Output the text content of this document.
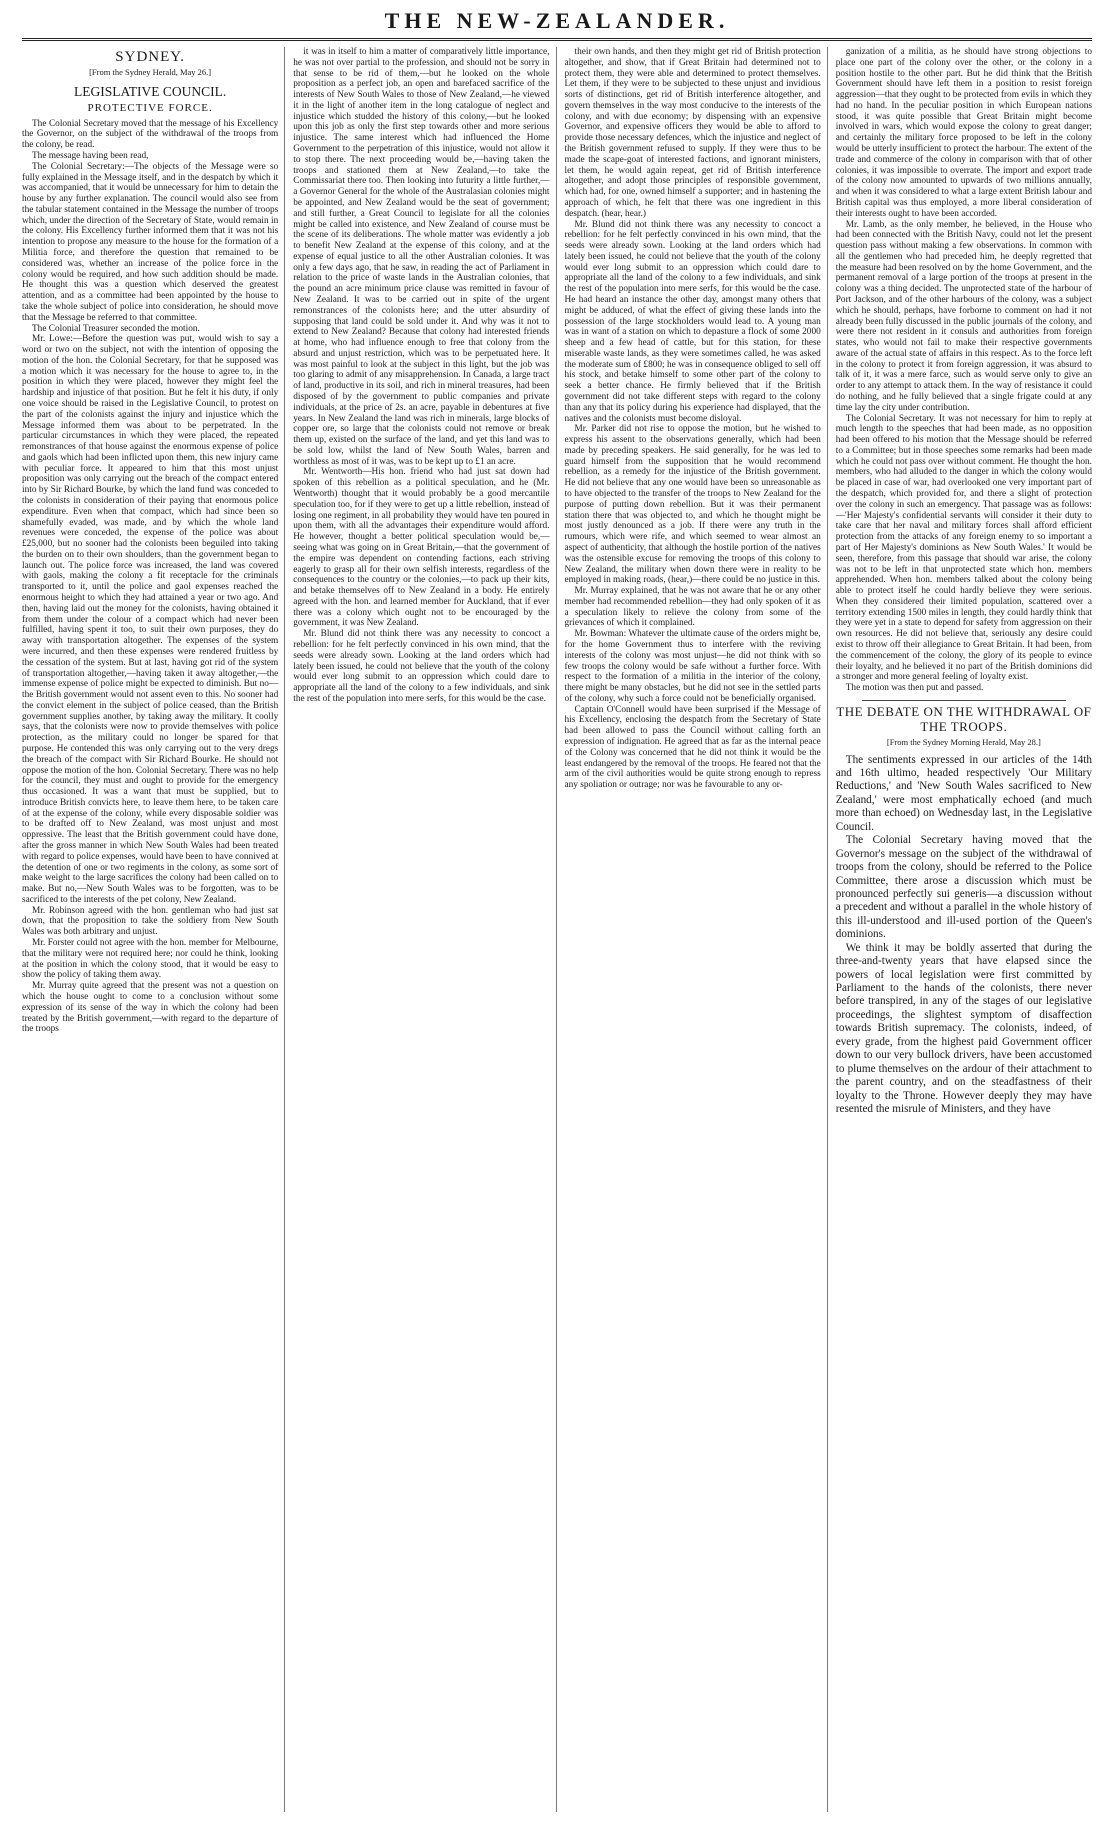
THE NEW-ZEALANDER.
SYDNEY.
[From the Sydney Herald, May 26.]
LEGISLATIVE COUNCIL.
PROTECTIVE FORCE.

The Colonial Secretary moved that the message of his Excellency the Governor, on the subject of the withdrawal of the troops from the colony, be read.

The message having been read,

The Colonial Secretary:—The objects of the Message were so fully explained in the Message itself, and in the despatch by which it was accompanied, that it would be unnecessary for him to detain the house by any further explanation. The council would also see from the tabular statement contained in the Message the number of troops which, under the direction of the Secretary of State, would remain in the colony. His Excellency further informed them that it was not his intention to propose any measure to the house for the formation of a Militia force, and therefore the question that remained to be considered was, whether an increase of the police force in the colony would be required, and how such addition should be made. He thought this was a question which deserved the greatest attention, and as a committee had been appointed by the house to take the whole subject of police into consideration, he should move that the Message be referred to that committee.

The Colonial Treasurer seconded the motion.

Mr. Lowe:—Before the question was put, would wish to say a word or two on the subject, not with the intention of opposing the motion of the hon. the Colonial Secretary, for that he supposed was a motion which it was necessary for the house to agree to, in the position in which they were placed, however they might feel the hardship and injustice of that position. But he felt it his duty, if only one voice should be raised in the Legislative Council, to protest on the part of the colonists against the injury and injustice which the Message informed them was about to be perpetrated. In the particular circumstances in which they were placed, the repeated remonstrances of that house against the enormous expense of police and gaols which had been inflicted upon them, this new injury came with peculiar force. It appeared to him that this most unjust proposition was only carrying out the breach of the compact entered into by Sir Richard Bourke, by which the land fund was conceded to the colonists in consideration of their paying that enormous police expenditure. Even when that compact, which had since been so shamefully evaded, was made, and by which the whole land revenues were conceded, the expense of the police was about £25,000, but no sooner had the colonists been beguiled into taking the burden on to their own shoulders, than the government began to launch out. The police force was increased, the land was covered with gaols, making the colony a fit receptacle for the criminals transported to it, until the police and gaol expenses reached the enormous height to which they had attained a year or two ago. And then, having laid out the money for the colonists, having obtained it from them under the colour of a compact which had never been fulfilled, having spent it too, to suit their own purposes, they do away with transportation altogether. The expenses of the system were incurred, and then these expenses were rendered fruitless by the cessation of the system. But at last, having got rid of the system of transportation altogether,—having taken it away altogether,—the immense expense of police might be expected to diminish. But no—the British government would not assent even to this. No sooner had the convict element in the subject of police ceased, than the British government supplies another, by taking away the military. It coolly says, that the colonists were now to provide themselves with police protection, as the military could no longer be spared for that purpose. He contended this was only carrying out to the very dregs the breach of the compact with Sir Richard Bourke. He should not oppose the motion of the hon. Colonial Secretary. There was no help for the council, they must and ought to provide for the emergency thus occasioned. It was a want that must be supplied, but to introduce British convicts here, to leave them here, to be taken care of at the expense of the colony, while every disposable soldier was to be drafted off to New Zealand, was most unjust and most oppressive. The least that the British government could have done, after the gross manner in which New South Wales had been treated with regard to police expenses, would have been to have connived at the detention of one or two regiments in the colony, as some sort of make weight to the large sacrifices the colony had been called on to make. But no,—New South Wales was to be forgotten, was to be sacrificed to the interests of the pet colony, New Zealand.

Mr. Robinson agreed with the hon. gentleman who had just sat down, that the proposition to take the soldiery from New South Wales was both arbitrary and unjust.

Mr. Forster could not agree with the hon. member for Melbourne, that the military were not required here; nor could he think, looking at the position in which the colony stood, that it would be easy to show the policy of taking them away.

Mr. Murray quite agreed that the present was not a question on which the house ought to come to a conclusion without some expression of its sense of the way in which the colony had been treated by the British government,—with regard to the departure of the troops

it was in itself to him a matter of comparatively little importance, he was not over partial to the profession, and should not be sorry in that sense to be rid of them,—but he looked on the whole proposition as a perfect job, an open and barefaced sacrifice of the interests of New South Wales to those of New Zealand,—he viewed it in the light of another item in the long catalogue of neglect and injustice which studded the history of this colony,—but he looked upon this job as only the first step towards other and more serious injustice. The same interest which had influenced the Home Government to the perpetration of this injustice, would not allow it to stop there. The next proceeding would be,—having taken the troops and stationed them at New Zealand,—to take the Commissariat there too. Then looking into futurity a little further,—a Governor General for the whole of the Australasian colonies might be appointed, and New Zealand would be the seat of government; and still further, a Great Council to legislate for all the colonies might be called into existence, and New Zealand of course must be the scene of its deliberations. The whole matter was evidently a job to benefit New Zealand at the expense of this colony, and at the expense of equal justice to all the other Australian colonies. It was only a few days ago, that he saw, in reading the act of Parliament in relation to the price of waste lands in the Australian colonies, that the pound an acre minimum price clause was remitted in favour of New Zealand. It was to be carried out in spite of the urgent remonstrances of the colonists here; and the utter absurdity of supposing that land could be sold under it. And why was it not to extend to New Zealand? Because that colony had interested friends at home, who had influence enough to free that colony from the absurd and unjust restriction, which was to be perpetuated here. It was most painful to look at the subject in this light, but the job was too glaring to admit of any misapprehension. In Canada, a large tract of land, productive in its soil, and rich in mineral treasures, had been disposed of by the government to public companies and private individuals, at the price of 2s. an acre, payable in debentures at five years. In New Zealand the land was rich in minerals, large blocks of copper ore, so large that the colonists could not remove or break them up, existed on the surface of the land, and yet this land was to be sold low, whilst the land of New South Wales, barren and worthless as most of it was, was to be kept up to £1 an acre.

Mr. Wentworth—His hon. friend who had just sat down had spoken of this rebellion as a political speculation, and he (Mr. Wentworth) thought that it would probably be a good mercantile speculation too, for if they were to get up a little rebellion, instead of losing one regiment, in all probability they would have ten poured in upon them, with all the advantages their expenditure would afford. He however, thought a better political speculation would be,—seeing what was going on in Great Britain,—that the government of the empire was dependent on contending factions, each striving eagerly to grasp all for their own selfish interests, regardless of the consequences to the country or the colonies,—to pack up their kits, and betake themselves off to New Zealand in a body. He entirely agreed with the hon. and learned member for Auckland, that if ever there was a colony which ought not to be encouraged by the government, it was New Zealand.

Mr. Blund did not think there was any necessity to concoct a rebellion: for he felt perfectly convinced in his own mind, that the seeds were already sown. Looking at the land orders which had lately been issued, he could not believe that the youth of the colony would ever long submit to an oppression which could dare to appropriate all the land of the colony to a few individuals, and sink the rest of the population into mere serfs, for this would be the case.

their own hands, and then they might get rid of British protection altogether, and show, that if Great Britain had determined not to protect them, they were able and determined to protect themselves. Let them, if they were to be subjected to these unjust and invidious sorts of distinctions, get rid of British interference altogether, and govern themselves in the way most conducive to the interests of the colony, and with due economy; by dispensing with an expensive Governor, and expensive officers they would be able to afford to provide those necessary defences, which the injustice and neglect of the British government refused to supply. If they were thus to be made the scape-goat of interested factions, and ignorant ministers, let them, he would again repeat, get rid of British interference altogether, and adopt those principles of responsible government, which had, for one, owned himself a supporter; and in hastening the approach of which, he felt that there was one ingredient in this despatch. (hear, hear.)

Mr. Blund did not think there was any necessity to concoct a rebellion: for he felt perfectly convinced in his own mind, that the seeds were already sown. Looking at the land orders which had lately been issued, he could not believe that the youth of the colony would ever long submit to an oppression which could dare to appropriate all the land of the colony to a few individuals, and sink the rest of the population into mere serfs, for this would be the case. He had heard an instance the other day, amongst many others that might be adduced, of what the effect of giving these lands into the possession of the large stockholders would lead to. A young man was in want of a station on which to depasture a flock of some 2000 sheep and a few head of cattle, but for this station, for these miserable waste lands, as they were sometimes called, he was asked the moderate sum of £800; he was in consequence obliged to sell off his stock, and betake himself to some other part of the colony to seek a better chance. He firmly believed that if the British government did not take different steps with regard to the colony than any that its policy during his experience had displayed, that the natives and the colonists must become disloyal.

Mr. Parker did not rise to oppose the motion, but he wished to express his assent to the observations generally, which had been made by preceding speakers. He said generally, for he was led to guard himself from the supposition that he would recommend rebellion, as a remedy for the injustice of the British government. He did not believe that any one would have been so unreasonable as to have objected to the transfer of the troops to New Zealand for the purpose of putting down rebellion. But it was their permanent station there that was objected to, and which he thought might be most justly denounced as a job. If there were any truth in the rumours, which were rife, and which seemed to wear almost an aspect of authenticity, that although the hostile portion of the natives was the ostensible excuse for removing the troops of this colony to New Zealand, the military when down there were in reality to be employed in making roads, (hear,)—there could be no justice in this.

Mr. Murray explained, that he was not aware that he or any other member had recommended rebellion—they had only spoken of it as a speculation likely to relieve the colony from some of the grievances of which it complained.

Mr. Bowman: Whatever the ultimate cause of the orders might be, for the home Government thus to interfere with the reviving interests of the colony was most unjust—he did not think with so few troops the colony would be safe without a further force. With respect to the formation of a militia in the interior of the colony, there might be many obstacles, but he did not see in the settled parts of the colony, why such a force could not be beneficially organised.

Captain O'Connell would have been surprised if the Message of his Excellency, enclosing the despatch from the Secretary of State had been allowed to pass the Council without calling forth an expression of indignation. He agreed that as far as the internal peace of the Colony was concerned that he did not think it would be the least endangered by the removal of the troops. He feared not that the arm of the civil authorities would be quite strong enough to repress any spoliation or outrage; nor was he favourable to any or-

ganization of a militia, as he should have strong objections to place one part of the colony over the other, or the colony in a position hostile to the other part. But he did think that the British Government should have left them in a position to resist foreign aggression—that they ought to be protected from evils in which they had no hand. In the peculiar position in which European nations stood, it was quite possible that Great Britain might become involved in wars, which would expose the colony to great danger; and certainly the military force proposed to be left in the colony would be utterly insufficient to protect the harbour. The extent of the trade and commerce of the colony in comparison with that of other colonies, it was impossible to overrate. The import and export trade of the colony now amounted to upwards of two millions annually, and when it was considered to what a large extent British labour and British capital was thus employed, a more liberal consideration of their interests ought to have been accorded.

Mr. Lamb, as the only member, he believed, in the House who had been connected with the British Navy, could not let the present question pass without making a few observations. In common with all the gentlemen who had preceded him, he deeply regretted that the measure had been resolved on by the home Government, and the permanent removal of a large portion of the troops at present in the colony was a thing decided. The unprotected state of the harbour of Port Jackson, and of the other harbours of the colony, was a subject which he should, perhaps, have forborne to comment on had it not already been fully discussed in the public journals of the colony, and were there not resident in it consuls and authorities from foreign states, who would not fail to make their respective governments aware of the actual state of affairs in this respect. As to the force left in the colony to protect it from foreign aggression, it was absurd to talk of it, it was a mere farce, such as would serve only to give an order to any attempt to attack them. In the way of resistance it could do nothing, and he fully believed that a single frigate could at any time lay the city under contribution.

The Colonial Secretary. It was not necessary for him to reply at much length to the speeches that had been made, as no opposition had been offered to his motion that the Message should be referred to a Committee; but in those speeches some remarks had been made which he could not pass over without comment. He thought the hon. members, who had alluded to the danger in which the colony would be placed in case of war, had overlooked one very important part of the despatch, which provided for, and there a slight of protection over the colony in such an emergency. That passage was as follows:—'Her Majesty's confidential servants will consider it their duty to take care that her naval and military forces shall afford efficient protection from the attacks of any foreign enemy to so important a part of Her Majesty's dominions as New South Wales.' It would be seen, therefore, from this passage that should war arise, the colony was not to be left in that unprotected state which hon. members apprehended. When hon. members talked about the colony being able to protect itself he could hardly believe they were serious. When they considered their limited population, scattered over a territory extending 1500 miles in length, they could hardly think that they were yet in a state to depend for safety from aggression on their own resources. He did not believe that, seriously any desire could exist to throw off their allegiance to Great Britain. It had been, from the commencement of the colony, the glory of its people to evince their loyalty, and he believed it no part of the British dominions did a stronger and more general feeling of loyalty exist.

The motion was then put and passed.

THE DEBATE ON THE WITHDRAWAL OF THE TROOPS.
[From the Sydney Morning Herald, May 28.]

The sentiments expressed in our articles of the 14th and 16th ultimo, headed respectively 'Our Military Reductions,' and 'New South Wales sacrificed to New Zealand,' were most emphatically echoed (and much more than echoed) on Wednesday last, in the Legislative Council.

The Colonial Secretary having moved that the Governor's message on the subject of the withdrawal of troops from the colony, should be referred to the Police Committee, there arose a discussion which must be pronounced perfectly sui generis—a discussion without a precedent and without a parallel in the whole history of this ill-understood and ill-used portion of the Queen's dominions.

We think it may be boldly asserted that during the three-and-twenty years that have elapsed since the powers of local legislation were first committed by Parliament to the hands of the colonists, there never before transpired, in any of the stages of our legislative proceedings, the slightest symptom of disaffection towards British supremacy. The colonists, indeed, of every grade, from the highest paid Government officer down to our very bullock drivers, have been accustomed to plume themselves on the ardour of their attachment to the parent country, and on the steadfastness of their loyalty to the Throne. However deeply they may have resented the misrule of Ministers, and they have
